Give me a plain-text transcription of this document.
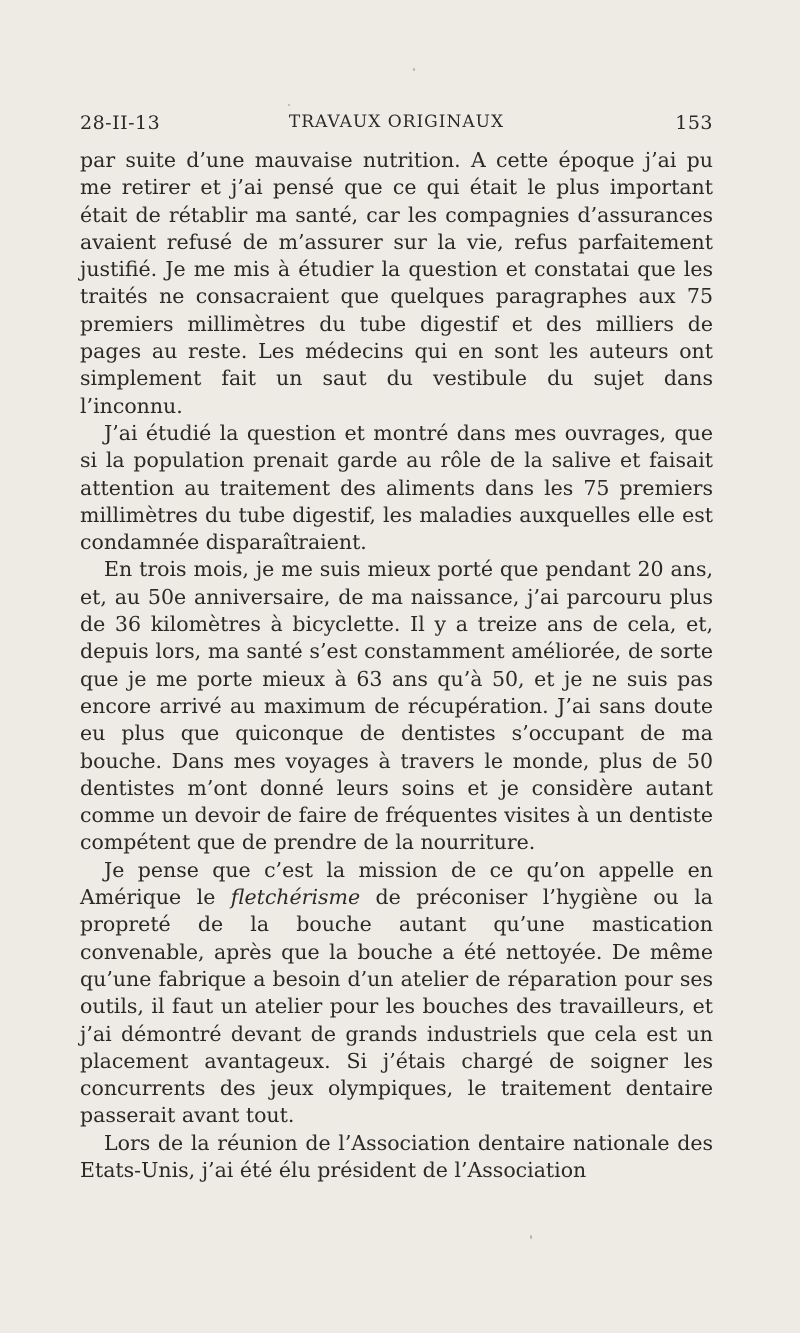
28-II-13	TRAVAUX ORIGINAUX	153

par suite d’une mauvaise nutrition. A cette époque j’ai pu me retirer et j’ai pensé que ce qui était le plus important était de rétablir ma santé, car les compagnies d’assurances avaient refusé de m’assurer sur la vie, refus parfaitement justifié. Je me mis à étudier la question et constatai que les traités ne consacraient que quelques paragraphes aux 75 premiers millimètres du tube digestif et des milliers de pages au reste. Les médecins qui en sont les auteurs ont simplement fait un saut du vestibule du sujet dans l’inconnu.

J’ai étudié la question et montré dans mes ouvrages, que si la population prenait garde au rôle de la salive et faisait attention au traitement des aliments dans les 75 premiers millimètres du tube digestif, les maladies auxquelles elle est condamnée disparaîtraient.

En trois mois, je me suis mieux porté que pendant 20 ans, et, au 50e anniversaire, de ma naissance, j’ai parcouru plus de 36 kilomètres à bicyclette. Il y a treize ans de cela, et, depuis lors, ma santé s’est constamment améliorée, de sorte que je me porte mieux à 63 ans qu’à 50, et je ne suis pas encore arrivé au maximum de récupération. J’ai sans doute eu plus que quiconque de dentistes s’occupant de ma bouche. Dans mes voyages à travers le monde, plus de 50 dentistes m’ont donné leurs soins et je considère autant comme un devoir de faire de fréquentes visites à un dentiste compétent que de prendre de la nourriture.

Je pense que c’est la mission de ce qu’on appelle en Amérique le fletchérisme de préconiser l’hygiène ou la propreté de la bouche autant qu’une mastication convenable, après que la bouche a été nettoyée. De même qu’une fabrique a besoin d’un atelier de réparation pour ses outils, il faut un atelier pour les bouches des travailleurs, et j’ai démontré devant de grands industriels que cela est un placement avantageux. Si j’étais chargé de soigner les concurrents des jeux olympiques, le traitement dentaire passerait avant tout.

Lors de la réunion de l’Association dentaire nationale des Etats-Unis, j’ai été élu président de l’Association
